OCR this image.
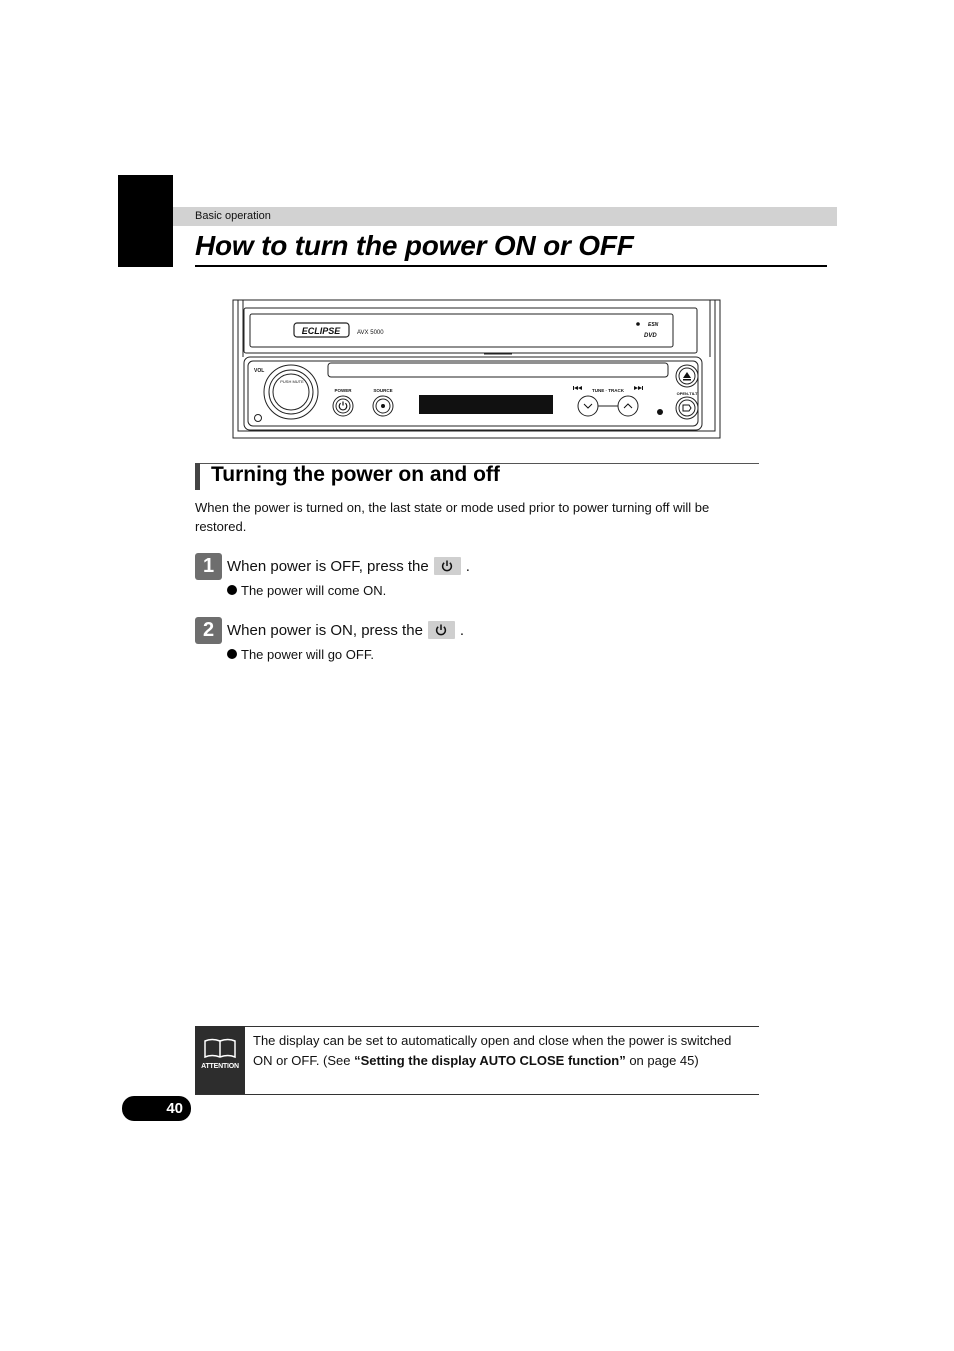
Basic operation
How to turn the power ON or OFF
ECLIPSE	AVX 5000
ESN
DVD
VOL
PUSH MUTE
POWER	SOURCE	TUNE · TRACK
OPEN-TILT
Turning the power on and off

When the power is turned on, the last state or mode used prior to power turning off will be restored.

1 When power is OFF, press the .
The power will come ON.
2 When power is ON, press the .
The power will go OFF.
ATTENTION

The display can be set to automatically open and close when the power is switched ON or OFF. (See “Setting the display AUTO CLOSE function” on page 45)

40
